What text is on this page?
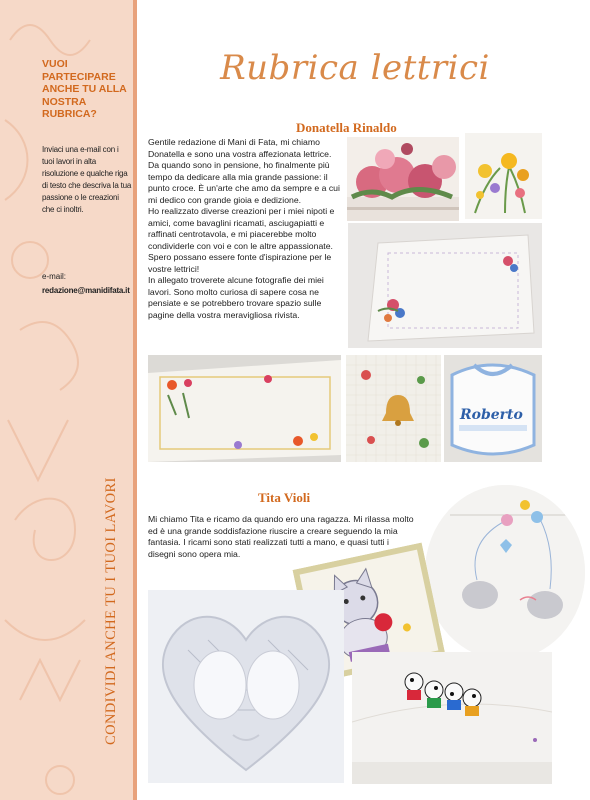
VUOI PARTECIPARE ANCHE TU ALLA NOSTRA RUBRICA?
Inviaci una e-mail con i tuoi lavori in alta risoluzione e qualche riga di testo che descriva la tua passione o le creazioni che ci inoltri.
e-mail:
redazione@manidifata.it
CONDIVIDI ANCHE TU I TUOI LAVORI
Rubrica lettrici
Donatella Rinaldo

Gentile redazione di Mani di Fata, mi chiamo Donatella e sono una vostra affezionata lettrice. Da quando sono in pensione, ho finalmente più tempo da dedicare alla mia grande passione: il punto croce. È un'arte che amo da sempre e a cui mi dedico con grande gioia e dedizione.

Ho realizzato diverse creazioni per i miei nipoti e amici, come bavaglini ricamati, asciugapiatti e raffinati centrotavola, e mi piacerebbe molto condividerle con voi e con le altre appassionate. Spero possano essere fonte d'ispirazione per le vostre lettrici!

In allegato troverete alcune fotografie dei miei lavori. Sono molto curiosa di sapere cosa ne pensiate e se potrebbero trovare spazio sulle pagine della vostra meravigliosa rivista.

Roberto
Tita Violi
Mi chiamo Tita e ricamo da quando ero una ragazza. Mi rilassa molto ed è una grande soddisfazione riuscire a creare seguendo la mia fantasia. I ricami sono stati realizzati tutti a mano, e quasi tutti i disegni sono opera mia.
